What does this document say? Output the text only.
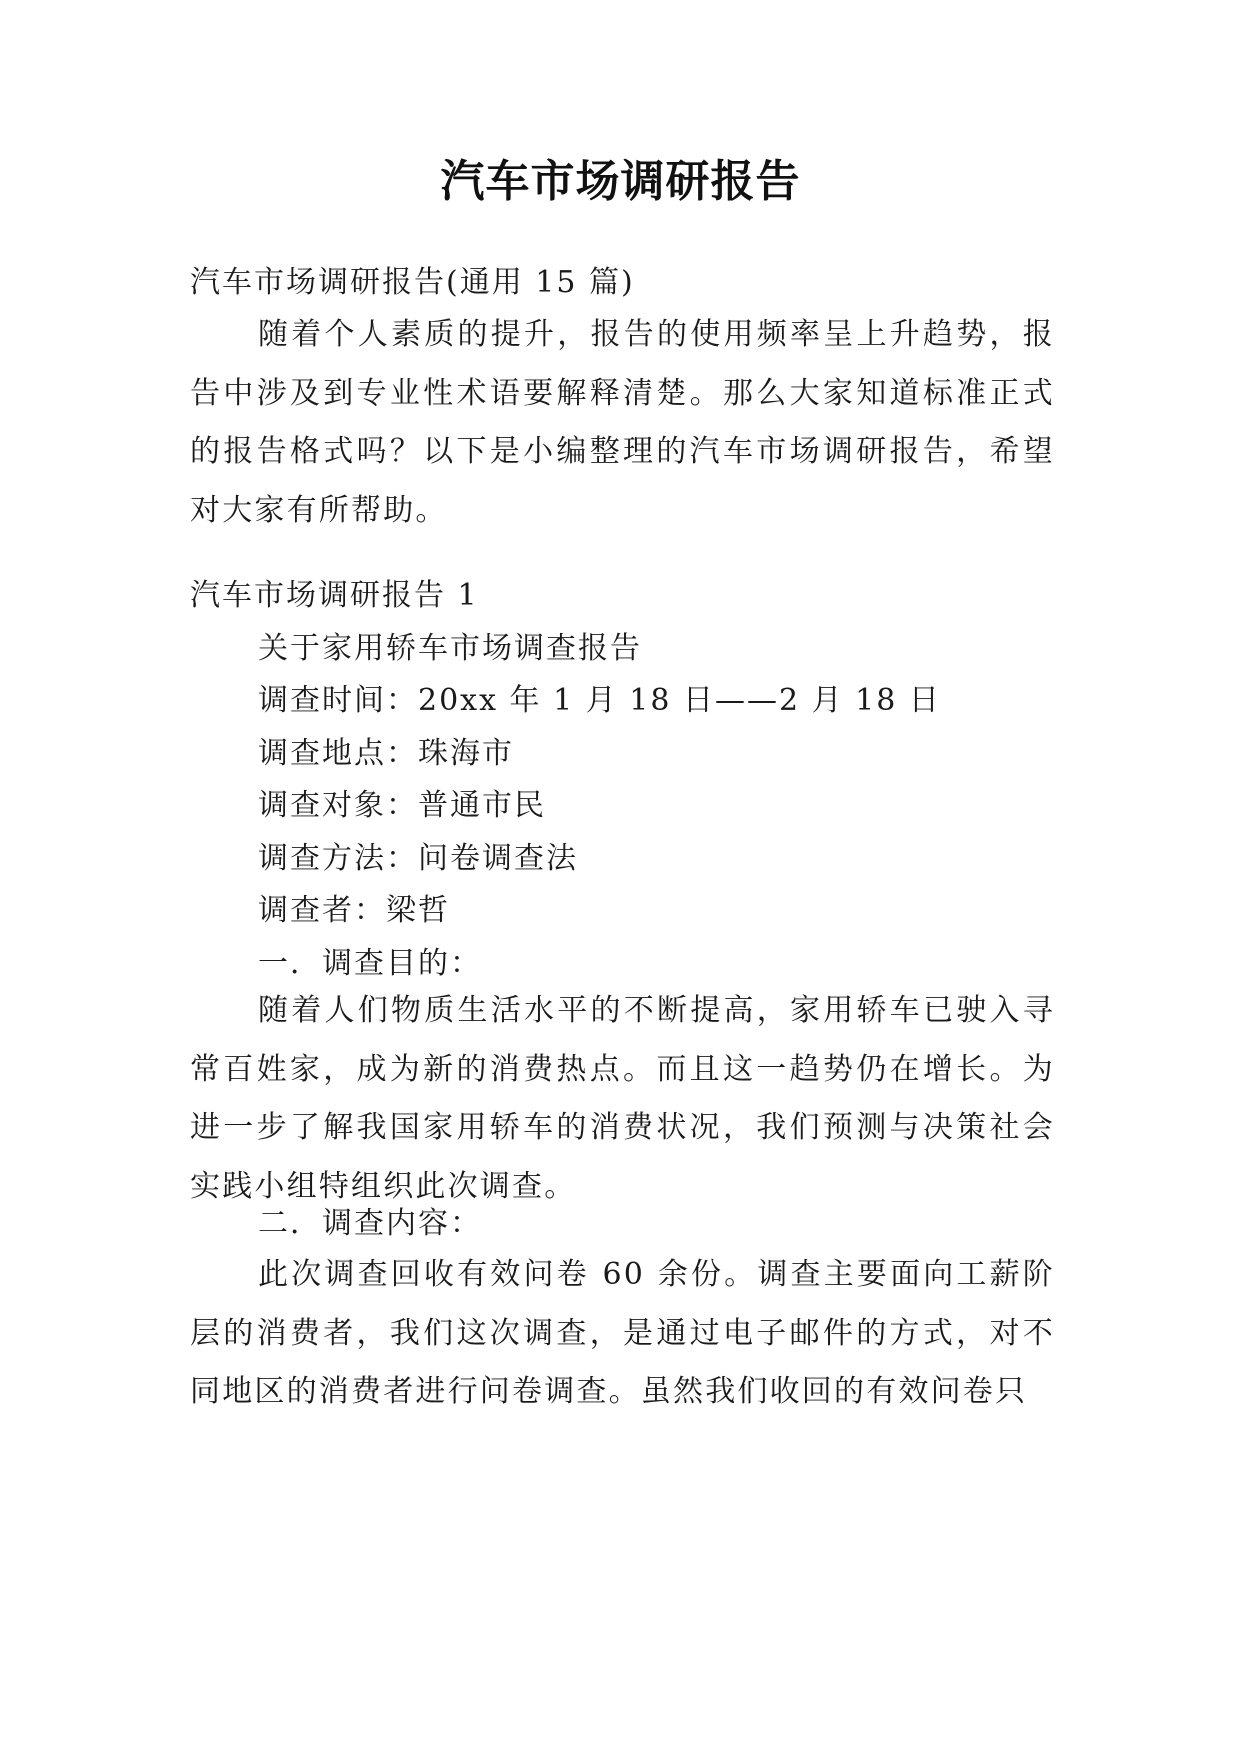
汽车市场调研报告
汽车市场调研报告(通用 15 篇)
随着个人素质的提升，报告的使用频率呈上升趋势，报告中涉及到专业性术语要解释清楚。那么大家知道标准正式的报告格式吗？以下是小编整理的汽车市场调研报告，希望对大家有所帮助。
汽车市场调研报告 1
关于家用轿车市场调查报告
调查时间：20xx 年 1 月 18 日——2 月 18 日
调查地点：珠海市
调查对象：普通市民
调查方法：问卷调查法
调查者：梁哲
一．调查目的：
随着人们物质生活水平的不断提高，家用轿车已驶入寻常百姓家，成为新的消费热点。而且这一趋势仍在增长。为进一步了解我国家用轿车的消费状况，我们预测与决策社会实践小组特组织此次调查。
二．调查内容：
此次调查回收有效问卷 60 余份。调查主要面向工薪阶层的消费者，我们这次调查，是通过电子邮件的方式，对不同地区的消费者进行问卷调查。虽然我们收回的有效问卷只
